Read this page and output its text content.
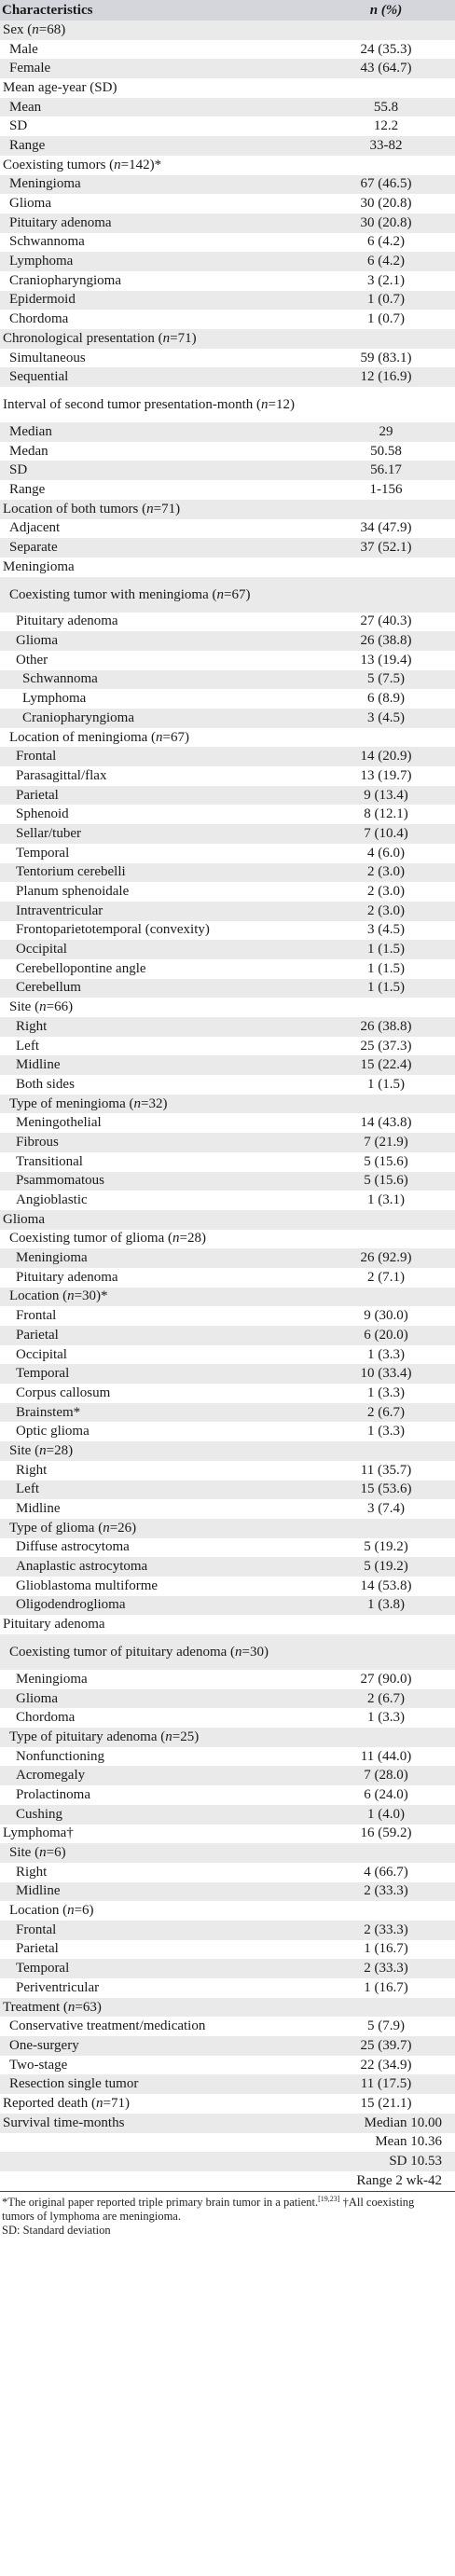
Characteristics	n (%)
Sex (n=68)	
Male	24 (35.3)
Female	43 (64.7)
Mean age-year (SD)	
Mean	55.8
SD	12.2
Range	33-82
Coexisting tumors (n=142)*	
Meningioma	67 (46.5)
Glioma	30 (20.8)
Pituitary adenoma	30 (20.8)
Schwannoma	6 (4.2)
Lymphoma	6 (4.2)
Craniopharyngioma	3 (2.1)
Epidermoid	1 (0.7)
Chordoma	1 (0.7)
Chronological presentation (n=71)	
Simultaneous	59 (83.1)
Sequential	12 (16.9)
Interval of second tumor presentation-month (n=12)	
Median	29
Medan	50.58
SD	56.17
Range	1-156
Location of both tumors (n=71)	
Adjacent	34 (47.9)
Separate	37 (52.1)
Meningioma	
Coexisting tumor with meningioma (n=67)	
Pituitary adenoma	27 (40.3)
Glioma	26 (38.8)
Other	13 (19.4)
Schwannoma	5 (7.5)
Lymphoma	6 (8.9)
Craniopharyngioma	3 (4.5)
Location of meningioma (n=67)	
Frontal	14 (20.9)
Parasagittal/flax	13 (19.7)
Parietal	9 (13.4)
Sphenoid	8 (12.1)
Sellar/tuber	7 (10.4)
Temporal	4 (6.0)
Tentorium cerebelli	2 (3.0)
Planum sphenoidale	2 (3.0)
Intraventricular	2 (3.0)
Frontoparietotemporal (convexity)	3 (4.5)
Occipital	1 (1.5)
Cerebellopontine angle	1 (1.5)
Cerebellum	1 (1.5)
Site (n=66)	
Right	26 (38.8)
Left	25 (37.3)
Midline	15 (22.4)
Both sides	1 (1.5)
Type of meningioma (n=32)	
Meningothelial	14 (43.8)
Fibrous	7 (21.9)
Transitional	5 (15.6)
Psammomatous	5 (15.6)
Angioblastic	1 (3.1)
Glioma	
Coexisting tumor of glioma (n=28)	
Meningioma	26 (92.9)
Pituitary adenoma	2 (7.1)
Location (n=30)*	
Frontal	9 (30.0)
Parietal	6 (20.0)
Occipital	1 (3.3)
Temporal	10 (33.4)
Corpus callosum	1 (3.3)
Brainstem*	2 (6.7)
Optic glioma	1 (3.3)
Site (n=28)	
Right	11 (35.7)
Left	15 (53.6)
Midline	3 (7.4)
Type of glioma (n=26)	
Diffuse astrocytoma	5 (19.2)
Anaplastic astrocytoma	5 (19.2)
Glioblastoma multiforme	14 (53.8)
Oligodendroglioma	1 (3.8)
Pituitary adenoma	
Coexisting tumor of pituitary adenoma (n=30)	
Meningioma	27 (90.0)
Glioma	2 (6.7)
Chordoma	1 (3.3)
Type of pituitary adenoma (n=25)	
Nonfunctioning	11 (44.0)
Acromegaly	7 (28.0)
Prolactinoma	6 (24.0)
Cushing	1 (4.0)
Lymphoma†	16 (59.2)
Site (n=6)	
Right	4 (66.7)
Midline	2 (33.3)
Location (n=6)	
Frontal	2 (33.3)
Parietal	1 (16.7)
Temporal	2 (33.3)
Periventricular	1 (16.7)
Treatment (n=63)	
Conservative treatment/medication	5 (7.9)
One-surgery	25 (39.7)
Two-stage	22 (34.9)
Resection single tumor	11 (17.5)
Reported death (n=71)	15 (21.1)
Survival time-months	Median 10.00
	Mean 10.36
	SD 10.53
	Range 2 wk-42

*The original paper reported triple primary brain tumor in a patient.[19,23] †All coexisting tumors of lymphoma are meningioma.

SD: Standard deviation
